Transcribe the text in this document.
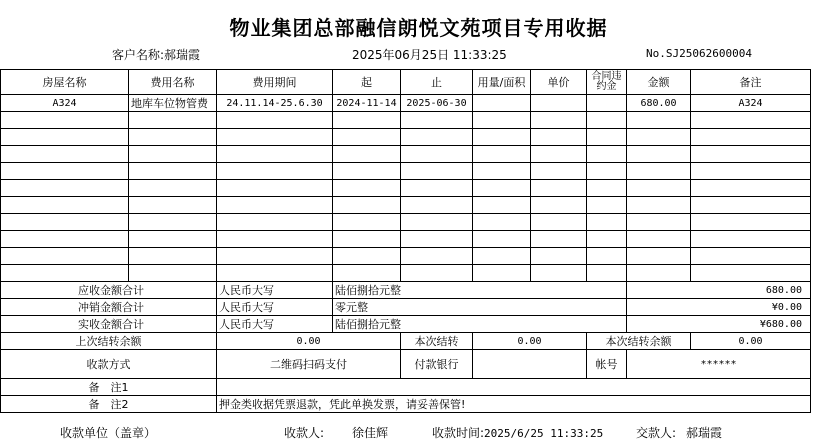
物业集团总部融信朗悦文苑项目专用收据
客户名称:郝瑞霞	2025年06月25日 11:33:25	No.SJ25062600004
房屋名称	费用名称	费用期间	起	止	用量/面积	单价	合同违约金	金额	备注
A324	地库车位物管费	24.11.14-25.6.30	2024-11-14	2025-06-30				680.00	A324

应收金额合计		人民币大写	陆佰捌拾元整					680.00	
冲销金额合计		人民币大写	零元整					¥0.00	
实收金额合计		人民币大写	陆佰捌拾元整					¥680.00	
上次结转余额		0.00		本次结转	0.00		本次结转余额		0.00
收款方式		二维码扫码支付		付款银行			帐号	******	
备　注1									
备　注2		押金类收据凭票退款，凭此单换发票，请妥善保管!							
收款单位（盖章）	收款人: 徐佳辉	收款时间:2025/6/25 11:33:25	交款人: 郝瑞霞
